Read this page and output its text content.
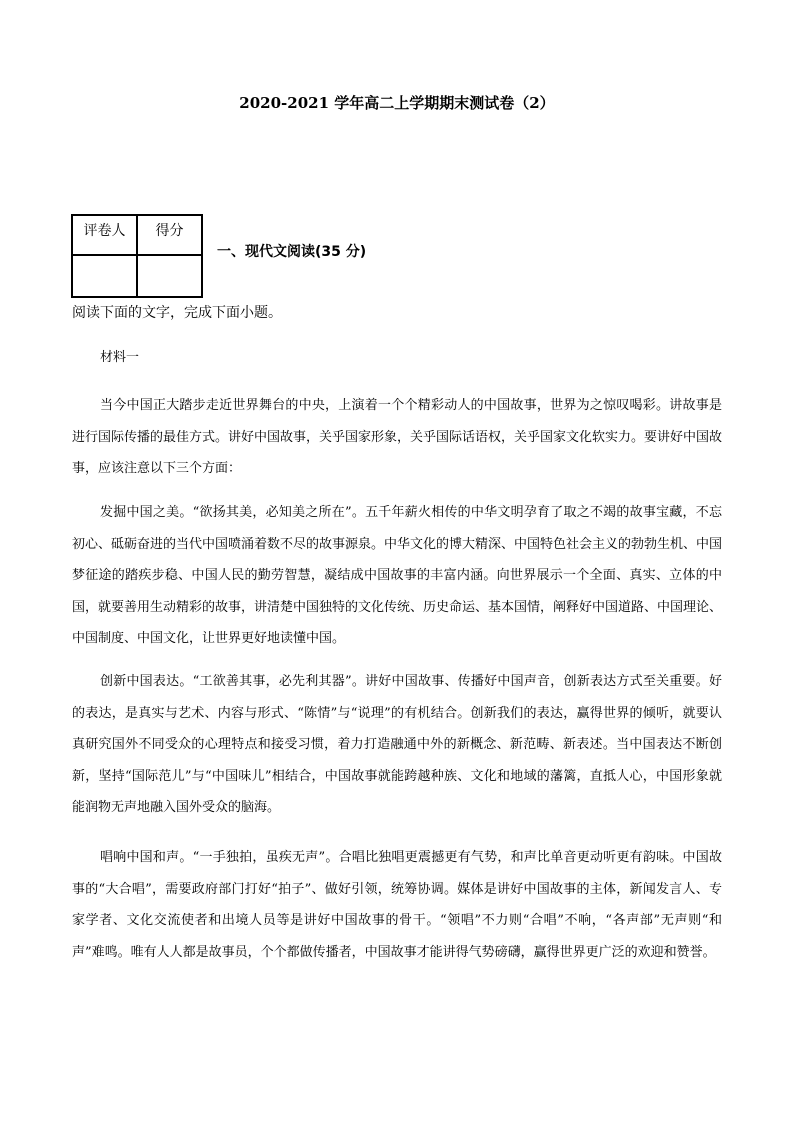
2020-2021 学年高二上学期期末测试卷（2）
评卷人	得分

一、现代文阅读(35 分)
阅读下面的文字，完成下面小题。
材料一

当今中国正大踏步走近世界舞台的中央，上演着一个个精彩动人的中国故事，世界为之惊叹喝彩。讲故事是进行国际传播的最佳方式。讲好中国故事，关乎国家形象，关乎国际话语权，关乎国家文化软实力。要讲好中国故事，应该注意以下三个方面：

发掘中国之美。“欲扬其美，必知美之所在”。五千年薪火相传的中华文明孕育了取之不竭的故事宝藏，不忘初心、砥砺奋进的当代中国喷涌着数不尽的故事源泉。中华文化的博大精深、中国特色社会主义的勃勃生机、中国梦征途的踏疾步稳、中国人民的勤劳智慧，凝结成中国故事的丰富内涵。向世界展示一个全面、真实、立体的中国，就要善用生动精彩的故事，讲清楚中国独特的文化传统、历史命运、基本国情，阐释好中国道路、中国理论、中国制度、中国文化，让世界更好地读懂中国。

创新中国表达。“工欲善其事，必先利其器”。讲好中国故事、传播好中国声音，创新表达方式至关重要。好的表达，是真实与艺术、内容与形式、“陈情”与“说理”的有机结合。创新我们的表达，赢得世界的倾听，就要认真研究国外不同受众的心理特点和接受习惯，着力打造融通中外的新概念、新范畴、新表述。当中国表达不断创新，坚持“国际范儿”与“中国味儿”相结合，中国故事就能跨越种族、文化和地域的藩篱，直抵人心，中国形象就能润物无声地融入国外受众的脑海。

唱响中国和声。“一手独拍，虽疾无声”。合唱比独唱更震撼更有气势，和声比单音更动听更有韵味。中国故事的“大合唱”，需要政府部门打好“拍子”、做好引领，统筹协调。媒体是讲好中国故事的主体，新闻发言人、专家学者、文化交流使者和出境人员等是讲好中国故事的骨干。“领唱”不力则“合唱”不响，“各声部”无声则“和声”难鸣。唯有人人都是故事员，个个都做传播者，中国故事才能讲得气势磅礴，赢得世界更广泛的欢迎和赞誉。
